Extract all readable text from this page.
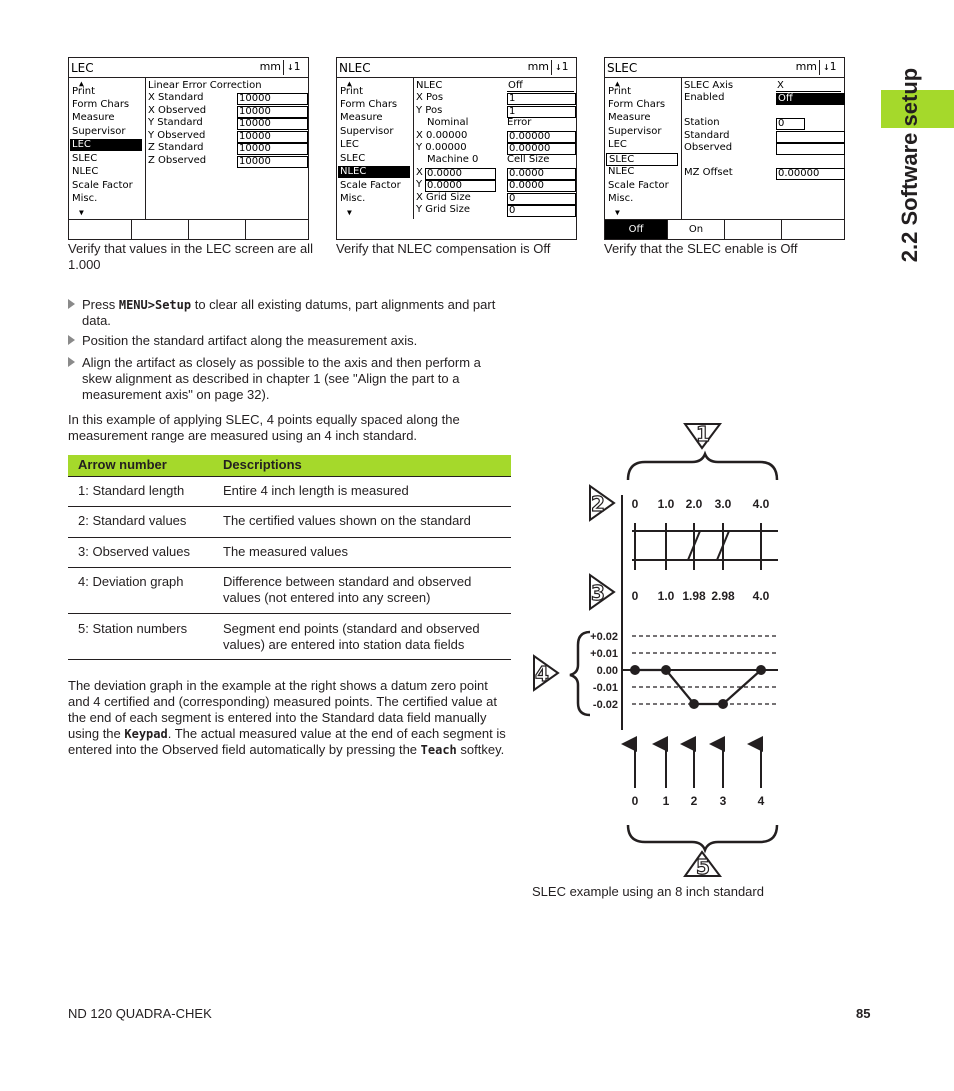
2.2 Software setup
LEC	mm ↓1
▲
Print
Form Chars
Measure
Supervisor
LEC
SLEC
NLEC
Scale Factor
Misc.
▼
Linear Error Correction
X Standard	10000
X Observed	10000
Y Standard	10000
Y Observed	10000
Z Standard	10000
Z Observed	10000
Verify that values in the LEC screen are all 1.000
NLEC	mm ↓1
▲
Print
Form Chars
Measure
Supervisor
LEC
SLEC
NLEC
Scale Factor
Misc.
▼
NLEC	Off
X Pos	1
Y Pos	1
Nominal	Error
X 0.00000	0.00000
Y 0.00000	0.00000
Machine 0	Cell Size
X 0.0000	0.0000
Y 0.0000	0.0000
X Grid Size	0
Y Grid Size	0
Verify that NLEC compensation is Off
SLEC	mm ↓1
▲
Print
Form Chars
Measure
Supervisor
LEC
SLEC
NLEC
Scale Factor
Misc.
▼
SLEC Axis	X
Enabled	Off
Station	0
Standard
Observed
MZ Offset	0.00000
Off	On
Verify that the SLEC enable is Off
Press MENU>Setup to clear all existing datums, part alignments and part data.
Position the standard artifact along the measurement axis.
Align the artifact as closely as possible to the axis and then perform a skew alignment as described in chapter 1 (see "Align the part to a measurement axis" on page 32).
In this example of applying SLEC, 4 points equally spaced along the measurement range are measured using an 4 inch standard.
Arrow number	Descriptions
1: Standard length	Entire 4 inch length is measured
2: Standard values	The certified values shown on the standard
3: Observed values	The measured values
4: Deviation graph	Difference between standard and observed values (not entered into any screen)
5: Station numbers	Segment end points (standard and observed values) are entered into station data fields
The deviation graph in the example at the right shows a datum zero point and 4 certified and (corresponding) measured points. The certified value at the end of each segment is entered into the Standard data field manually using the Keypad. The actual measured value at the end of each segment is entered into the Observed field automatically by pressing the Teach softkey.
1
2
3
4
0 1.0 2.0 3.0 4.0
0 1.0 1.98 2.98 4.0
+0.02
+0.01
0.00
-0.01
-0.02
0 1 2 3	4
5
SLEC example using an 8 inch standard
ND 120 QUADRA-CHEK	85
